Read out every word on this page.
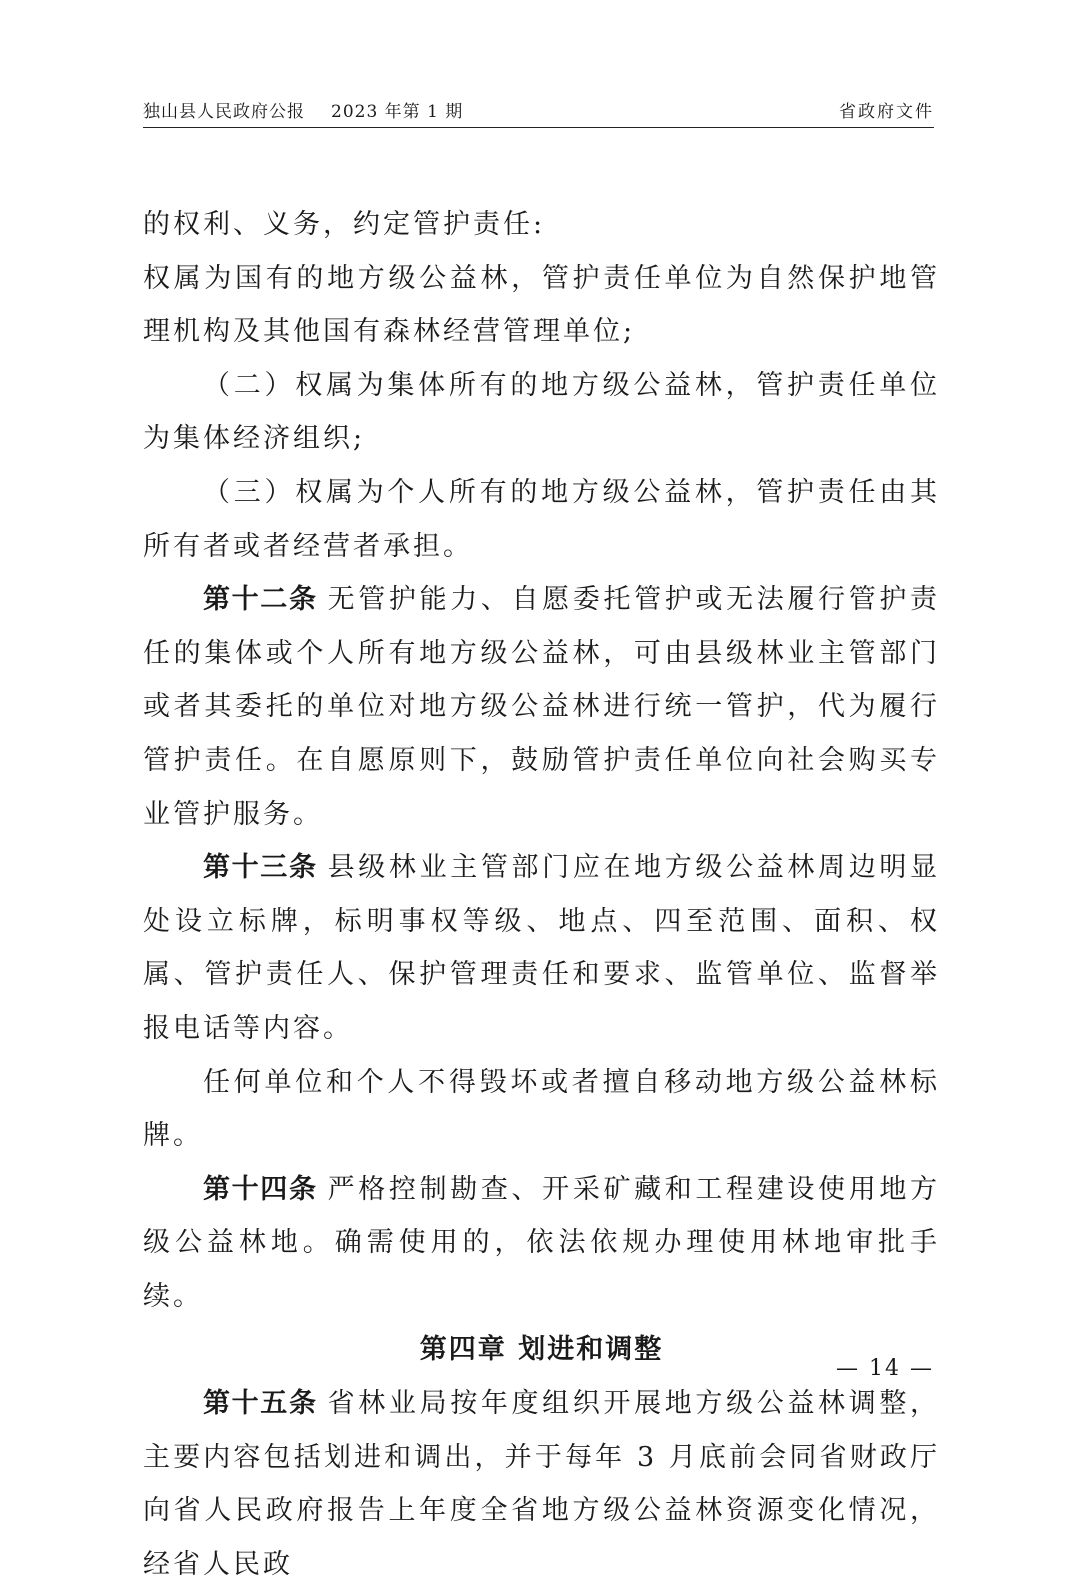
独山县人民政府公报 2023 年第 1 期	省政府文件

的权利、义务，约定管护责任:

权属为国有的地方级公益林，管护责任单位为自然保护地管理机构及其他国有森林经营管理单位;

（二）权属为集体所有的地方级公益林，管护责任单位为集体经济组织;

（三）权属为个人所有的地方级公益林，管护责任由其所有者或者经营者承担。

第十二条 无管护能力、自愿委托管护或无法履行管护责任的集体或个人所有地方级公益林，可由县级林业主管部门或者其委托的单位对地方级公益林进行统一管护，代为履行管护责任。在自愿原则下，鼓励管护责任单位向社会购买专业管护服务。

第十三条 县级林业主管部门应在地方级公益林周边明显处设立标牌，标明事权等级、地点、四至范围、面积、权属、管护责任人、保护管理责任和要求、监管单位、监督举报电话等内容。

任何单位和个人不得毁坏或者擅自移动地方级公益林标牌。

第十四条 严格控制勘查、开采矿藏和工程建设使用地方级公益林地。确需使用的，依法依规办理使用林地审批手续。

第四章 划进和调整

第十五条 省林业局按年度组织开展地方级公益林调整，主要内容包括划进和调出，并于每年 3 月底前会同省财政厅向省人民政府报告上年度全省地方级公益林资源变化情况，经省人民政

— 14 —
